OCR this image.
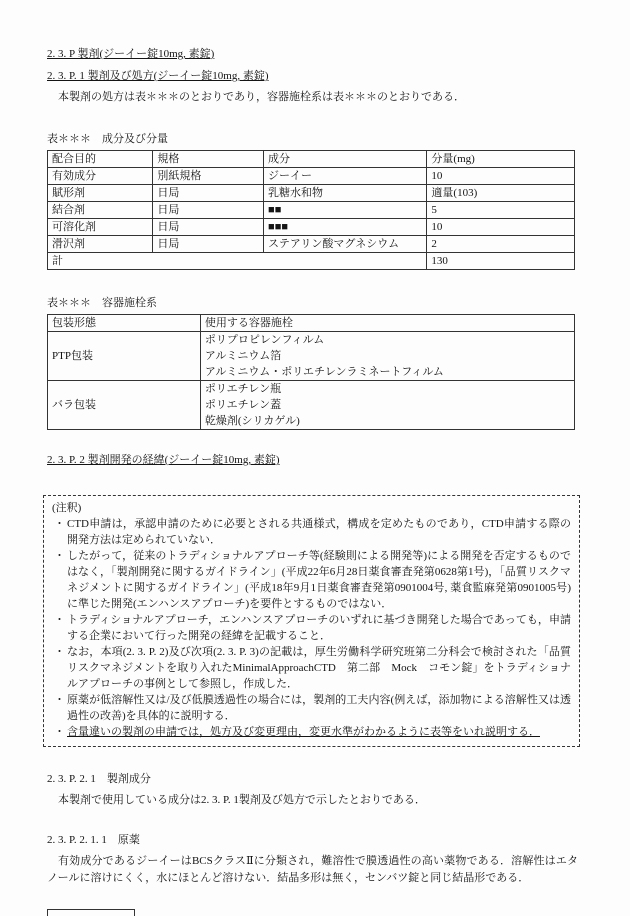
2. 3. P 製剤(ジーイー錠10mg, 素錠)
2. 3. P. 1 製剤及び処方(ジーイー錠10mg, 素錠)
本製剤の処方は表＊＊＊のとおりであり，容器施栓系は表＊＊＊のとおりである．
表＊＊＊　成分及び分量
配合目的	規格	成分	分量(mg)
有効成分	別紙規格	ジーイー	10
賦形剤	日局	乳糖水和物	適量(103)
結合剤	日局	■■	5
可溶化剤	日局	■■■	10
滑沢剤	日局	ステアリン酸マグネシウム	2
計			130
表＊＊＊　容器施栓系
包装形態	使用する容器施栓
PTP包装	ポリプロピレンフィルム
アルミニウム箔
アルミニウム・ポリエチレンラミネートフィルム

バラ包装	ポリエチレン瓶
ポリエチレン蓋
乾燥剤(シリカゲル)
2. 3. P. 2 製剤開発の経緯(ジーイー錠10mg, 素錠)
(注釈)
・ CTD申請は，承認申請のために必要とされる共通様式，構成を定めたものであり，CTD申請する際の開発方法は定められていない．
・ したがって，従来のトラディショナルアプローチ等(経験則による開発等)による開発を否定するものではなく，「製剤開発に関するガイドライン」(平成22年6月28日薬食審査発第0628第1号)，「品質リスクマネジメントに関するガイドライン」(平成18年9月1日薬食審査発第0901004号, 薬食監麻発第0901005号)に準じた開発(エンハンスアプローチ)を要件とするものではない．
・ トラディショナルアプローチ，エンハンスアプローチのいずれに基づき開発した場合であっても，申請する企業において行った開発の経緯を記載すること．
・ なお，本項(2. 3. P. 2)及び次項(2. 3. P. 3)の記載は，厚生労働科学研究班第二分科会で検討された「品質リスクマネジメントを取り入れたMinimalApproachCTD　第二部　Mock　コモン錠」をトラディショナルアプローチの事例として参照し，作成した．
・ 原薬が低溶解性又は/及び低膜透過性の場合には，製剤的工夫内容(例えば，添加物による溶解性又は透過性の改善)を具体的に説明する．
・ 含量違いの製剤の申請では，処方及び変更理由，変更水準がわかるように表等をいれ説明する．
2. 3. P. 2. 1　製剤成分
本製剤で使用している成分は2. 3. P. 1製剤及び処方で示したとおりである．
2. 3. P. 2. 1. 1　原薬
有効成分であるジーイーはBCSクラスⅡに分類され，難溶性で膜透過性の高い薬物である．溶解性はエタノールに溶けにくく，水にほとんど溶けない．結晶多形は無く，センバツ錠と同じ結晶形である．
